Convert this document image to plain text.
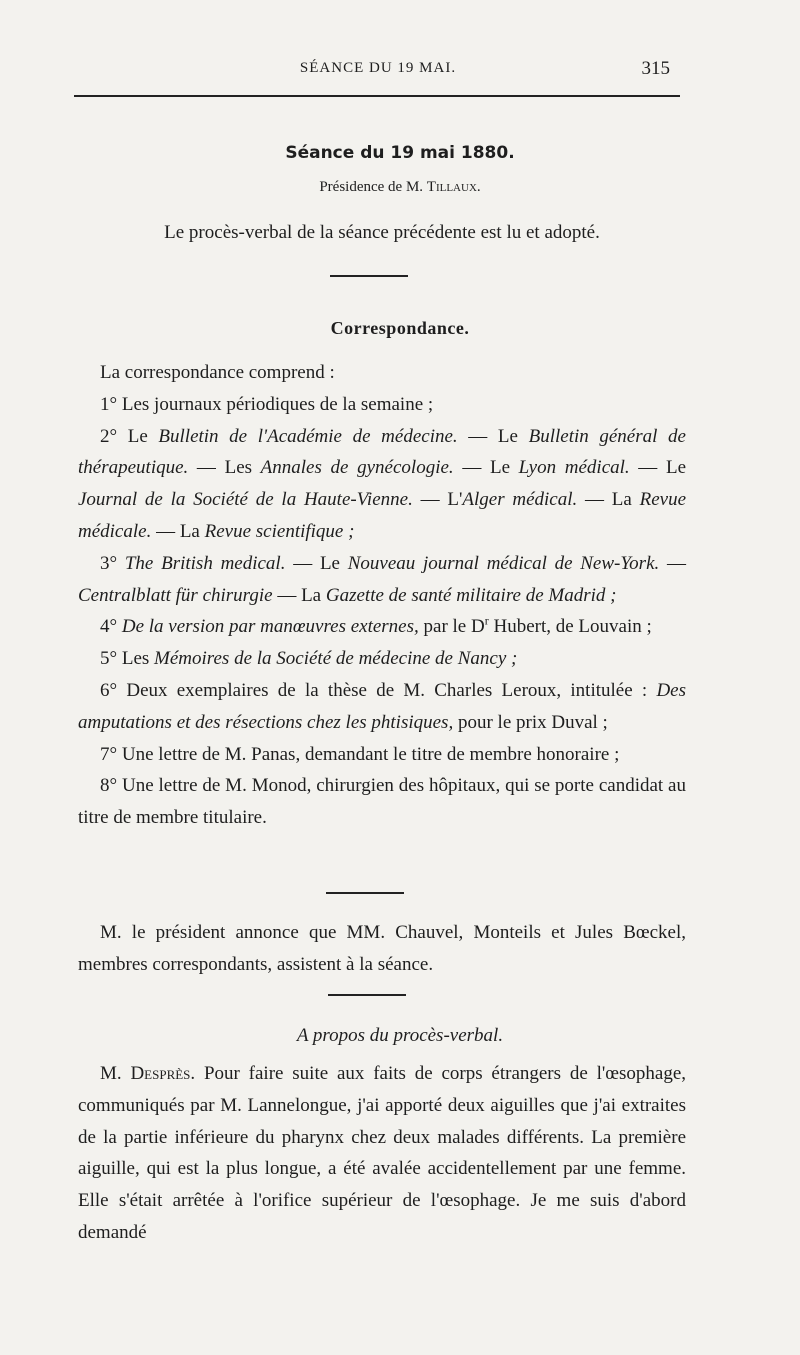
SÉANCE DU 19 MAI.	315
Séance du 19 mai 1880.
Présidence de M. Tillaux.

Le procès-verbal de la séance précédente est lu et adopté.

Correspondance.

La correspondance comprend :

1° Les journaux périodiques de la semaine ;

2° Le Bulletin de l'Académie de médecine. — Le Bulletin général de thérapeutique. — Les Annales de gynécologie. — Le Lyon médical. — Le Journal de la Société de la Haute-Vienne. — L'Alger médical. — La Revue médicale. — La Revue scientifique ;

3° The British medical. — Le Nouveau journal médical de New-York. — Centralblatt für chirurgie — La Gazette de santé militaire de Madrid ;

4° De la version par manœuvres externes, par le $D^r$ Hubert, de Louvain ;

5° Les Mémoires de la Société de médecine de Nancy ;

6° Deux exemplaires de la thèse de M. Charles Leroux, intitulée : Des amputations et des résections chez les phtisiques, pour le prix Duval ;

7° Une lettre de M. Panas, demandant le titre de membre honoraire ;

8° Une lettre de M. Monod, chirurgien des hôpitaux, qui se porte candidat au titre de membre titulaire.

M. le président annonce que MM. Chauvel, Monteils et Jules Bœckel, membres correspondants, assistent à la séance.

A propos du procès-verbal.

M. Desprès. Pour faire suite aux faits de corps étrangers de l'œsophage, communiqués par M. Lannelongue, j'ai apporté deux aiguilles que j'ai extraites de la partie inférieure du pharynx chez deux malades différents. La première aiguille, qui est la plus longue, a été avalée accidentellement par une femme. Elle s'était arrêtée à l'orifice supérieur de l'œsophage. Je me suis d'abord demandé
